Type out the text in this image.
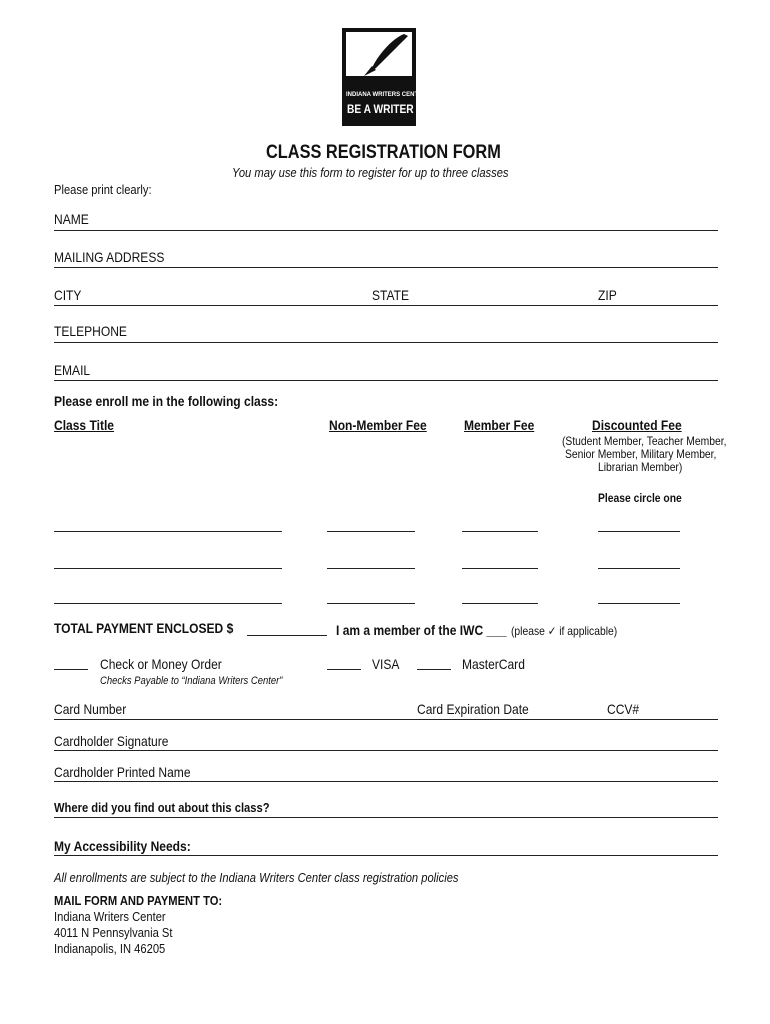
INDIANA WRITERS CENTER
BE A WRITER
CLASS REGISTRATION FORM
You may use this form to register for up to three classes
Please print clearly:
NAME
MAILING ADDRESS
CITY	STATE	ZIP
TELEPHONE
EMAIL
Please enroll me in the following class:
Class Title	Non-Member Fee	Member Fee	Discounted Fee
(Student Member, Teacher Member,
Senior Member, Military Member,
Librarian Member)
Please circle one
TOTAL PAYMENT ENCLOSED $	I am a member of the IWC ___ (please ✓ if applicable)
Check or Money Order
Checks Payable to “Indiana Writers Center”
VISA	MasterCard
Card Number	Card Expiration Date	CCV#
Cardholder Signature
Cardholder Printed Name
Where did you find out about this class?
My Accessibility Needs:
All enrollments are subject to the Indiana Writers Center class registration policies
MAIL FORM AND PAYMENT TO:
Indiana Writers Center
4011 N Pennsylvania St
Indianapolis, IN 46205
